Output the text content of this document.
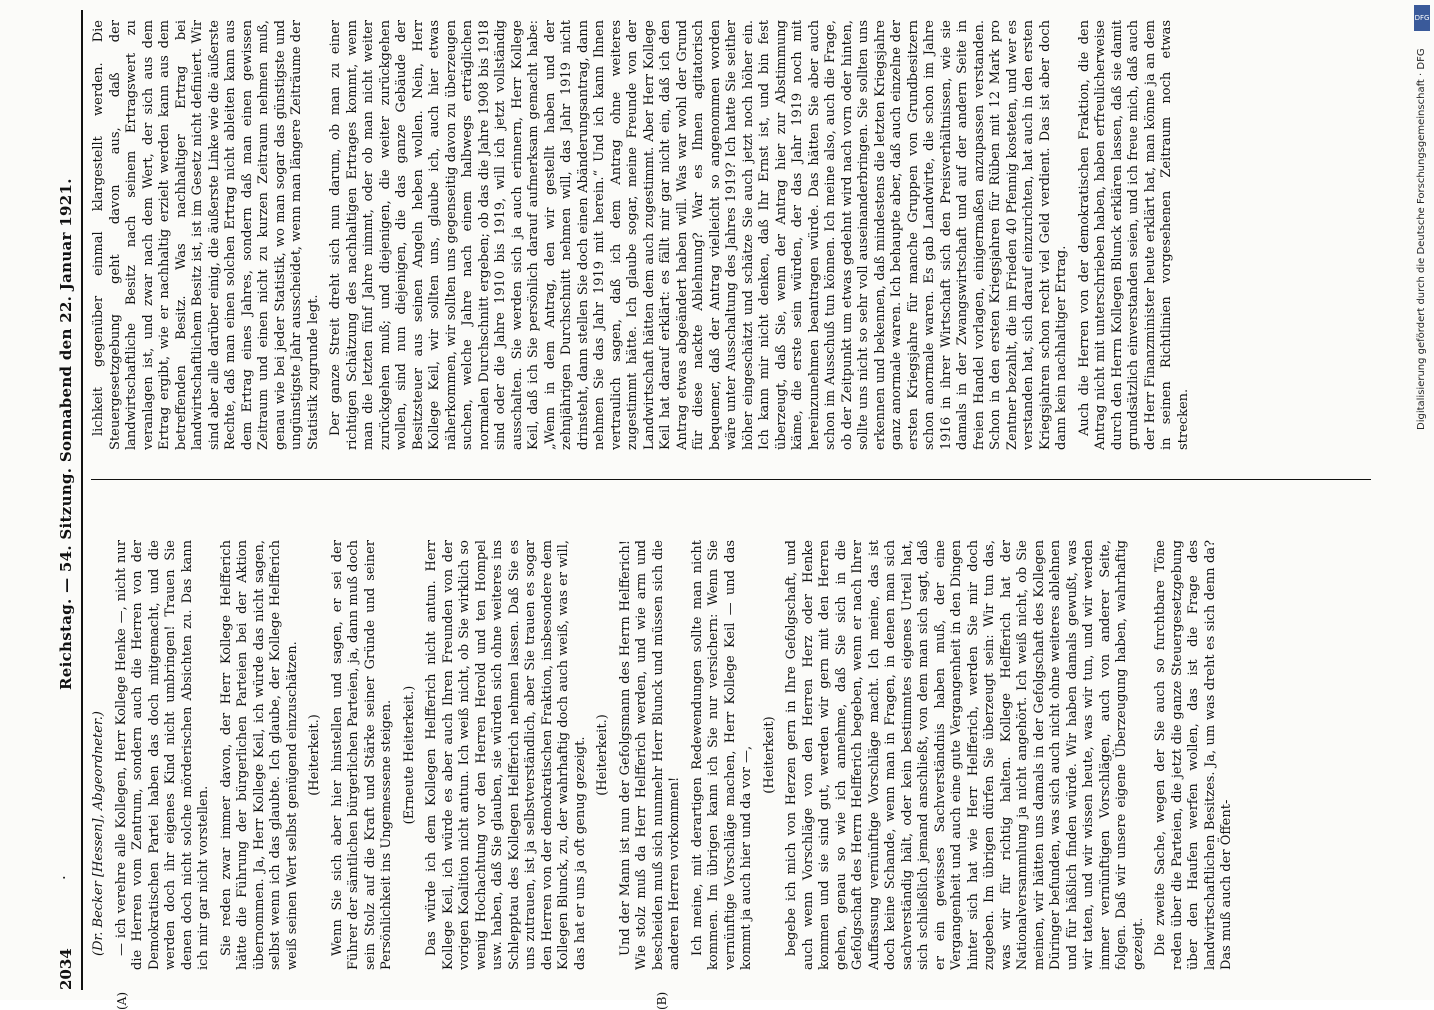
2034
·
Reichstag. — 54. Sitzung. Sonnabend den 22. Januar 1921.
(A)	(B)

(Dr. Becker [Hessen], Abgeordneter.) — ich verehre alle Kollegen, Herr Kollege Henke —, nicht nur die Herren vom Zentrum, sondern auch die Herren von der Demokratischen Partei haben das doch mitgemacht, und die werden doch ihr eigenes Kind nicht umbringen! Trauen Sie denen doch nicht solche mörderischen Absichten zu. Das kann ich mir gar nicht vorstellen. Sie reden zwar immer davon, der Herr Kollege Helfferich hätte die Führung der bürgerlichen Parteien bei der Aktion übernommen. Ja, Herr Kollege Keil, ich würde das nicht sagen, selbst wenn ich das glaubte. Ich glaube, der Kollege Helfferich weiß seinen Wert selbst genügend einzuschätzen. (Heiterkeit.) Wenn Sie sich aber hier hinstellen und sagen, er sei der Führer der sämtlichen bürgerlichen Parteien, ja, dann muß doch sein Stolz auf die Kraft und Stärke seiner Gründe und seiner Persönlichkeit ins Ungemessene steigen. (Erneute Heiterkeit.) Das würde ich dem Kollegen Helfferich nicht antun. Herr Kollege Keil, ich würde es aber auch Ihren Freunden von der vorigen Koalition nicht antun. Ich weiß nicht, ob Sie wirklich so wenig Hochachtung vor den Herren Herold und ten Hompel usw. haben, daß Sie glauben, sie würden sich ohne weiteres ins Schlepptau des Kollegen Helfferich nehmen lassen. Daß Sie es uns zutrauen, ist ja selbstverständlich, aber Sie trauen es sogar den Herren von der demokratischen Fraktion, insbesondere dem Kollegen Blunck, zu, der wahrhaftig doch auch weiß, was er will, das hat er uns ja oft genug gezeigt. (Heiterkeit.) Und der Mann ist nun der Gefolgsmann des Herrn Helfferich! Wie stolz muß da Herr Helfferich werden, und wie arm und bescheiden muß sich nunmehr Herr Blunck und müssen sich die anderen Herren vorkommen! Ich meine, mit derartigen Redewendungen sollte man nicht kommen. Im übrigen kann ich Sie nur versichern: Wenn Sie vernünftige Vorschläge machen, Herr Kollege Keil — und das kommt ja auch hier und da vor —, (Heiterkeit) begebe ich mich von Herzen gern in Ihre Gefolgschaft, und auch wenn Vorschläge von den Herren Herz oder Henke kommen und sie sind gut, werden wir gern mit den Herren gehen, genau so wie ich annehme, daß Sie sich in die Gefolgschaft des Herrn Helfferich begeben, wenn er nach Ihrer Auffassung vernünftige Vorschläge macht. Ich meine, das ist doch keine Schande, wenn man in Fragen, in denen man sich sachverständig hält, oder kein bestimmtes eigenes Urteil hat, sich schließlich jemand anschließt, von dem man sich sagt, daß er ein gewisses Sachverständnis haben muß, der eine Vergangenheit und auch eine gute Vergangenheit in den Dingen hinter sich hat wie Herr Helfferich, werden Sie mir doch zugeben. Im übrigen dürfen Sie überzeugt sein: Wir tun das, was wir für richtig halten. Kollege Helfferich hat der Nationalversammlung ja nicht angehört. Ich weiß nicht, ob Sie meinen, wir hätten uns damals in der Gefolgschaft des Kollegen Düringer befunden, was sich auch nicht ohne weiteres ablehnen und für häßlich finden würde. Wir haben damals gewußt, was wir taten, und wir wissen heute, was wir tun, und wir werden immer vernünftigen Vorschlägen, auch von anderer Seite, folgen. Daß wir unsere eigene Überzeugung haben, wahrhaftig gezeigt. Die zweite Sache, wegen der Sie auch so furchtbare Töne reden über die Parteien, die jetzt die ganze Steuergesetzgebung über den Haufen werfen wollen, das ist die Frage des landwirtschaftlichen Besitzes. Ja, um was dreht es sich denn da? Das muß auch der Öffent-

lichkeit gegenüber einmal klargestellt werden. Die Steuergesetzgebung geht davon aus, daß der landwirtschaftliche Besitz nach seinem Ertragswert zu veranlagen ist, und zwar nach dem Wert, der sich aus dem Ertrag ergibt, wie er nachhaltig erzielt werden kann aus dem betreffenden Besitz. Was nachhaltiger Ertrag bei landwirtschaftlichem Besitz ist, ist im Gesetz nicht definiert. Wir sind aber alle darüber einig, die äußerste Linke wie die äußerste Rechte, daß man einen solchen Ertrag nicht ableiten kann aus dem Ertrag eines Jahres, sondern daß man einen gewissen Zeitraum und einen nicht zu kurzen Zeitraum nehmen muß, genau wie bei jeder Statistik, wo man sogar das günstigste und ungünstigste Jahr ausscheidet, wenn man längere Zeiträume der Statistik zugrunde legt. Der ganze Streit dreht sich nun darum, ob man zu einer richtigen Schätzung des nachhaltigen Ertrages kommt, wenn man die letzten fünf Jahre nimmt, oder ob man nicht weiter zurückgehen muß; und diejenigen, die weiter zurückgehen wollen, sind nun diejenigen, die das ganze Gebäude der Besitzsteuer aus seinen Angeln heben wollen. Nein, Herr Kollege Keil, wir sollten uns, glaube ich, auch hier etwas näherkommen, wir sollten uns gegenseitig davon zu überzeugen suchen, welche Jahre nach einem halbwegs erträglichen normalen Durchschnitt ergeben; ob das die Jahre 1908 bis 1918 sind oder die Jahre 1910 bis 1919, will ich jetzt vollständig ausschalten. Sie werden sich ja auch erinnern, Herr Kollege Keil, daß ich Sie persönlich darauf aufmerksam gemacht habe: „Wenn in dem Antrag, den wir gestellt haben und der zehnjährigen Durchschnitt nehmen will, das Jahr 1919 nicht drinsteht, dann stellen Sie doch einen Abänderungsantrag, dann nehmen Sie das Jahr 1919 mit herein.“ Und ich kann Ihnen vertraulich sagen, daß ich dem Antrag ohne weiteres zugestimmt hätte. Ich glaube sogar, meine Freunde von der Landwirtschaft hätten dem auch zugestimmt. Aber Herr Kollege Keil hat darauf erklärt: es fällt mir gar nicht ein, daß ich den Antrag etwas abgeändert haben will. Was war wohl der Grund für diese nackte Ablehnung? War es Ihnen agitatorisch bequemer, daß der Antrag vielleicht so angenommen worden wäre unter Ausschaltung des Jahres 1919? Ich hatte Sie seither höher eingeschätzt und schätze Sie auch jetzt noch höher ein. Ich kann mir nicht denken, daß Ihr Ernst ist, und bin fest überzeugt, daß Sie, wenn der Antrag hier zur Abstimmung käme, die erste sein würden, der das Jahr 1919 noch mit hereinzunehmen beantragen würde. Das hätten Sie aber auch schon im Ausschuß tun können. Ich meine also, auch die Frage, ob der Zeitpunkt um etwas gedehnt wird nach vorn oder hinten, sollte uns nicht so sehr voll auseinanderbringen. Sie sollten uns erkennen und bekennen, daß mindestens die letzten Kriegsjahre ganz anormale waren. Ich behaupte aber, daß auch einzelne der ersten Kriegsjahre für manche Gruppen von Grundbesitzern schon anormale waren. Es gab Landwirte, die schon im Jahre 1916 in ihrer Wirtschaft sich den Preisverhältnissen, wie sie damals in der Zwangswirtschaft und auf der andern Seite in freien Handel vorlagen, einigermaßen anzupassen verstanden. Schon in den ersten Kriegsjahren für Rüben mit 12 Mark pro Zentner bezahlt, die im Frieden 40 Pfennig kosteten, und wer es verstanden hat, sich darauf einzurichten, hat auch in den ersten Kriegsjahren schon recht viel Geld verdient. Das ist aber doch dann kein nachhaltiger Ertrag. Auch die Herren von der demokratischen Fraktion, die den Antrag nicht mit unterschrieben haben, haben erfreulicherweise durch den Herrn Kollegen Blunck erklären lassen, daß sie damit grundsätzlich einverstanden seien, und ich freue mich, daß auch der Herr Finanzminister heute erklärt hat, man könne ja an dem in seinen Richtlinien vorgesehenen Zeitraum noch etwas strecken.

DFG
Digitalisierung gefördert durch die Deutsche Forschungsgemeinschaft · DFG
